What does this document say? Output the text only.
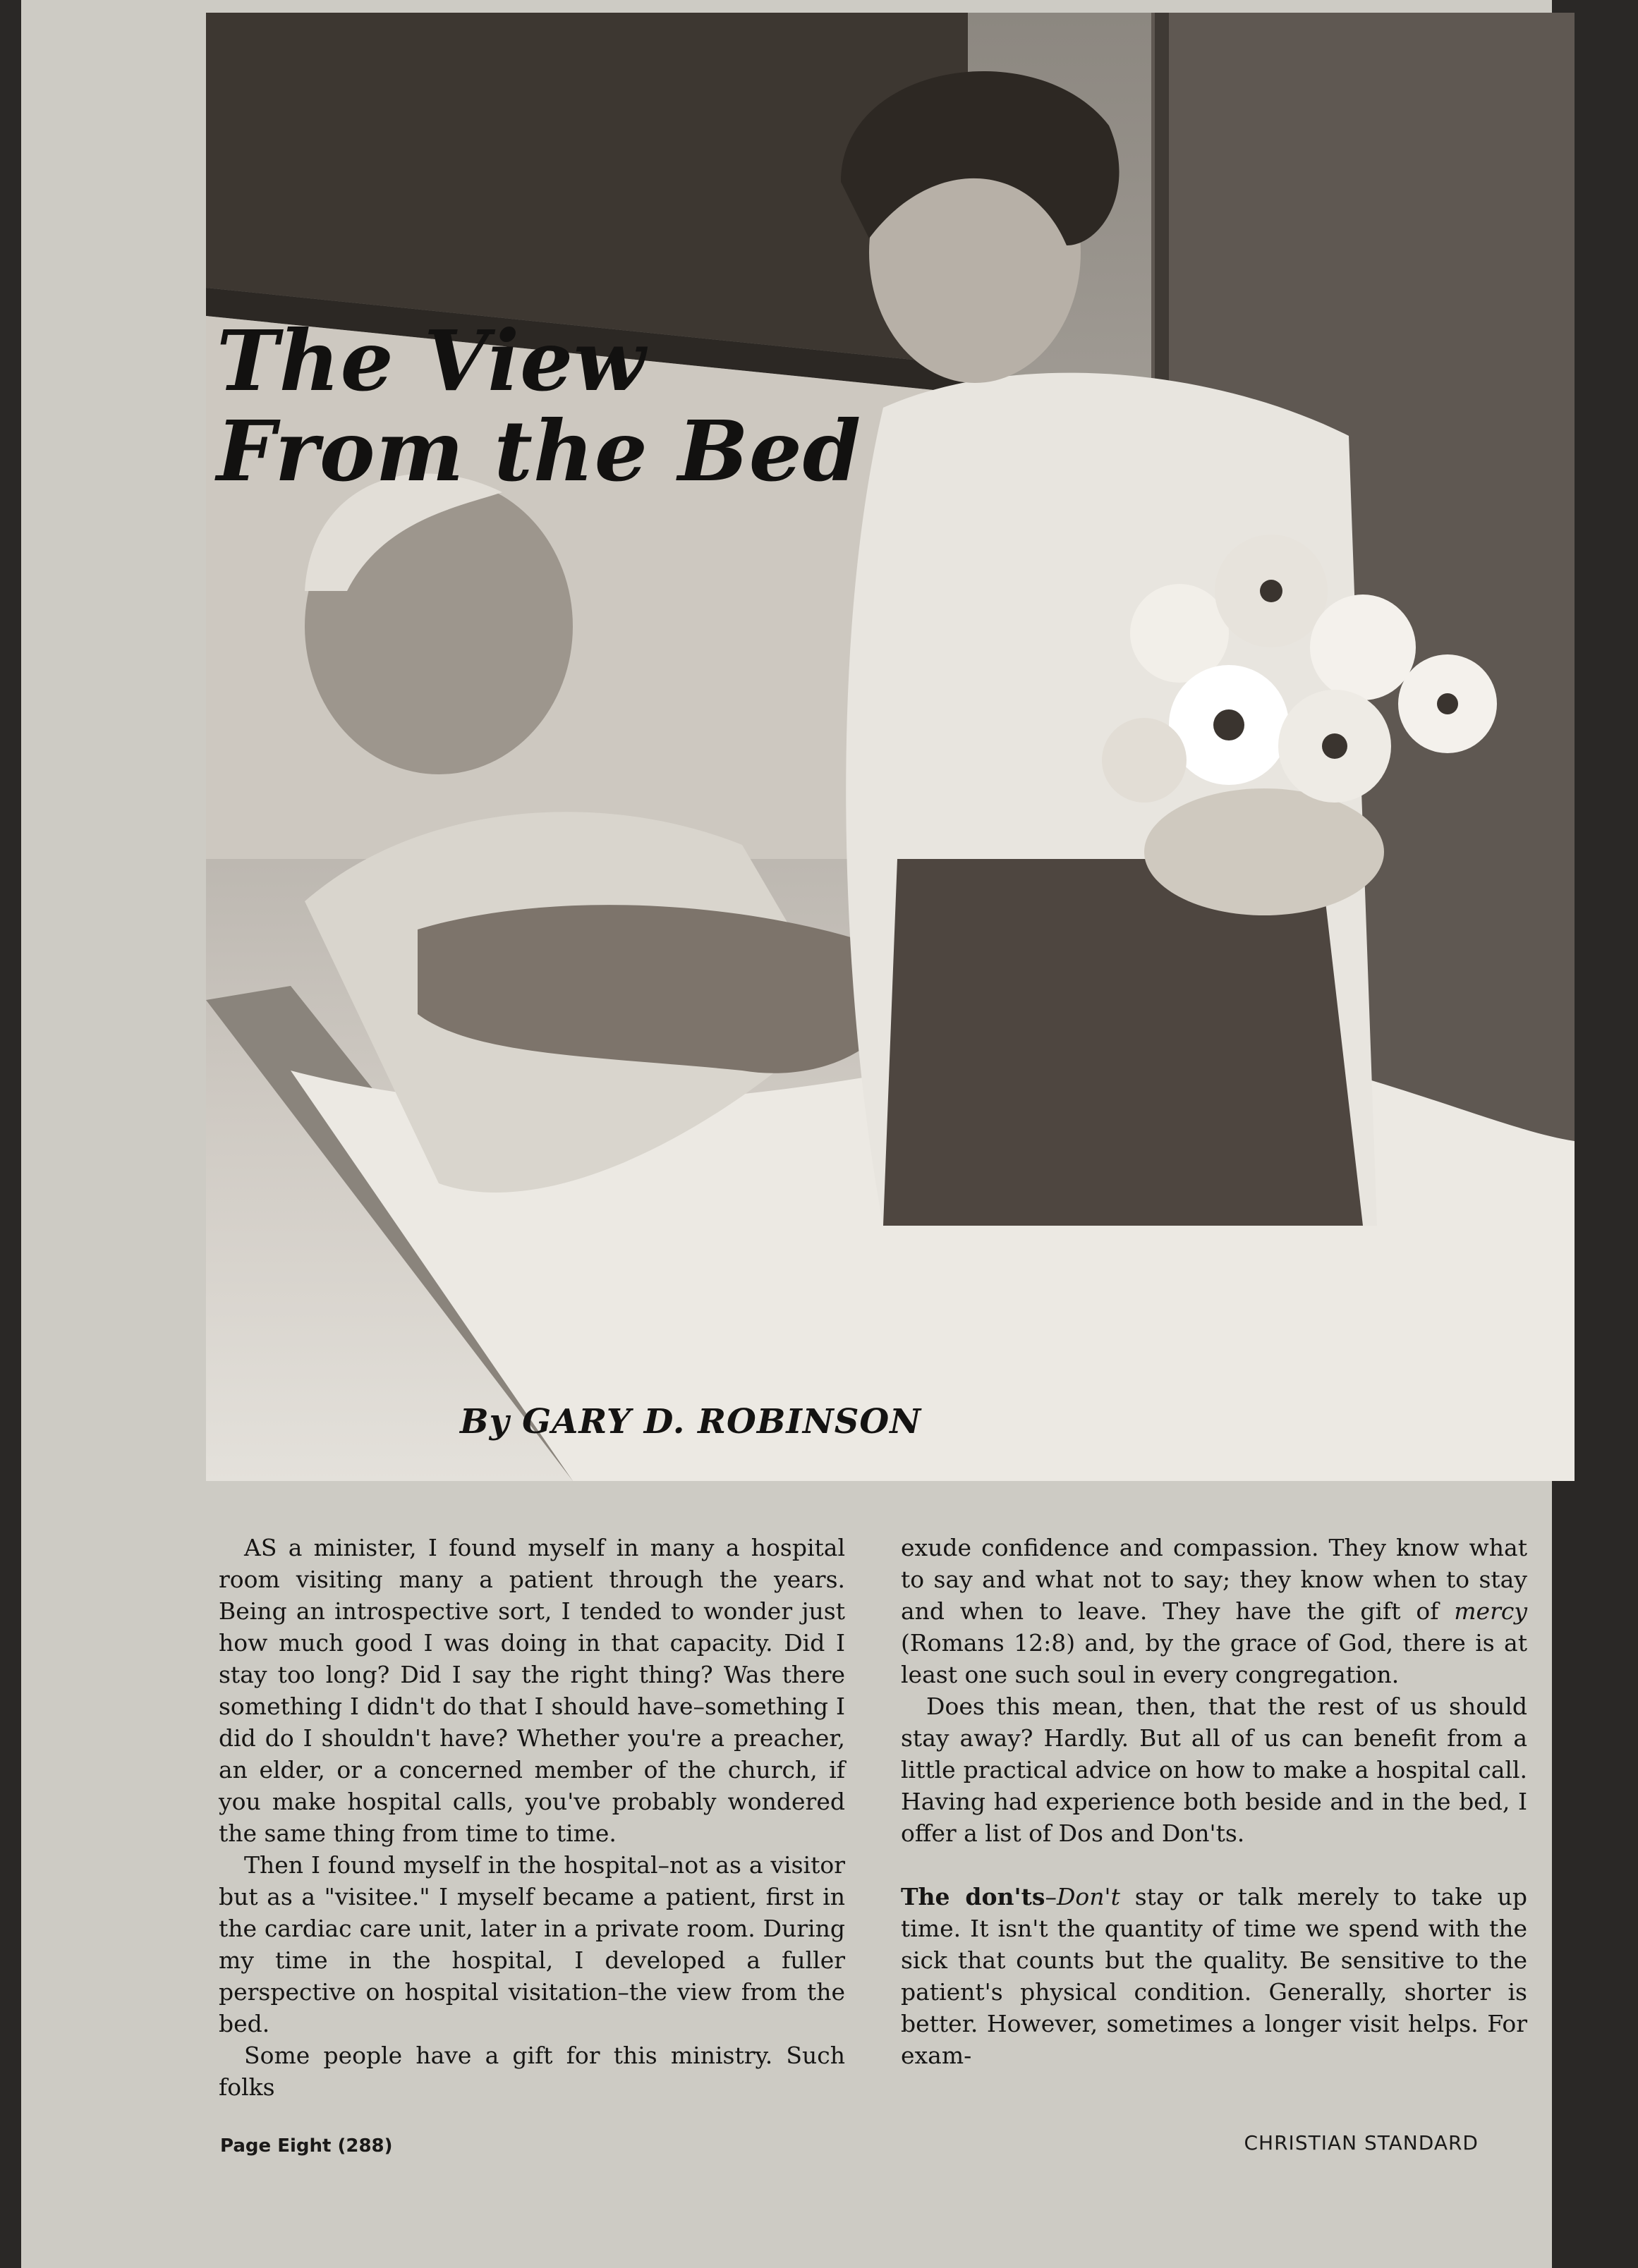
The View
From the Bed
By GARY D. ROBINSON

AS a minister, I found myself in many a hospital room visiting many a patient through the years. Being an introspective sort, I tended to wonder just how much good I was doing in that capacity. Did I stay too long? Did I say the right thing? Was there something I didn't do that I should have–something I did do I shouldn't have? Whether you're a preacher, an elder, or a concerned member of the church, if you make hospital calls, you've probably wondered the same thing from time to time.

Then I found myself in the hospital–not as a visitor but as a "visitee." I myself became a patient, first in the cardiac care unit, later in a private room. During my time in the hospital, I developed a fuller perspective on hospital visitation–the view from the bed.

Some people have a gift for this ministry. Such folks

exude confidence and compassion. They know what to say and what not to say; they know when to stay and when to leave. They have the gift of mercy (Romans 12:8) and, by the grace of God, there is at least one such soul in every congregation.

Does this mean, then, that the rest of us should stay away? Hardly. But all of us can benefit from a little practical advice on how to make a hospital call. Having had experience both beside and in the bed, I offer a list of Dos and Don'ts.

The don'ts–Don't stay or talk merely to take up time. It isn't the quantity of time we spend with the sick that counts but the quality. Be sensitive to the patient's physical condition. Generally, shorter is better. However, sometimes a longer visit helps. For exam-

Page Eight (288)	CHRISTIAN STANDARD
